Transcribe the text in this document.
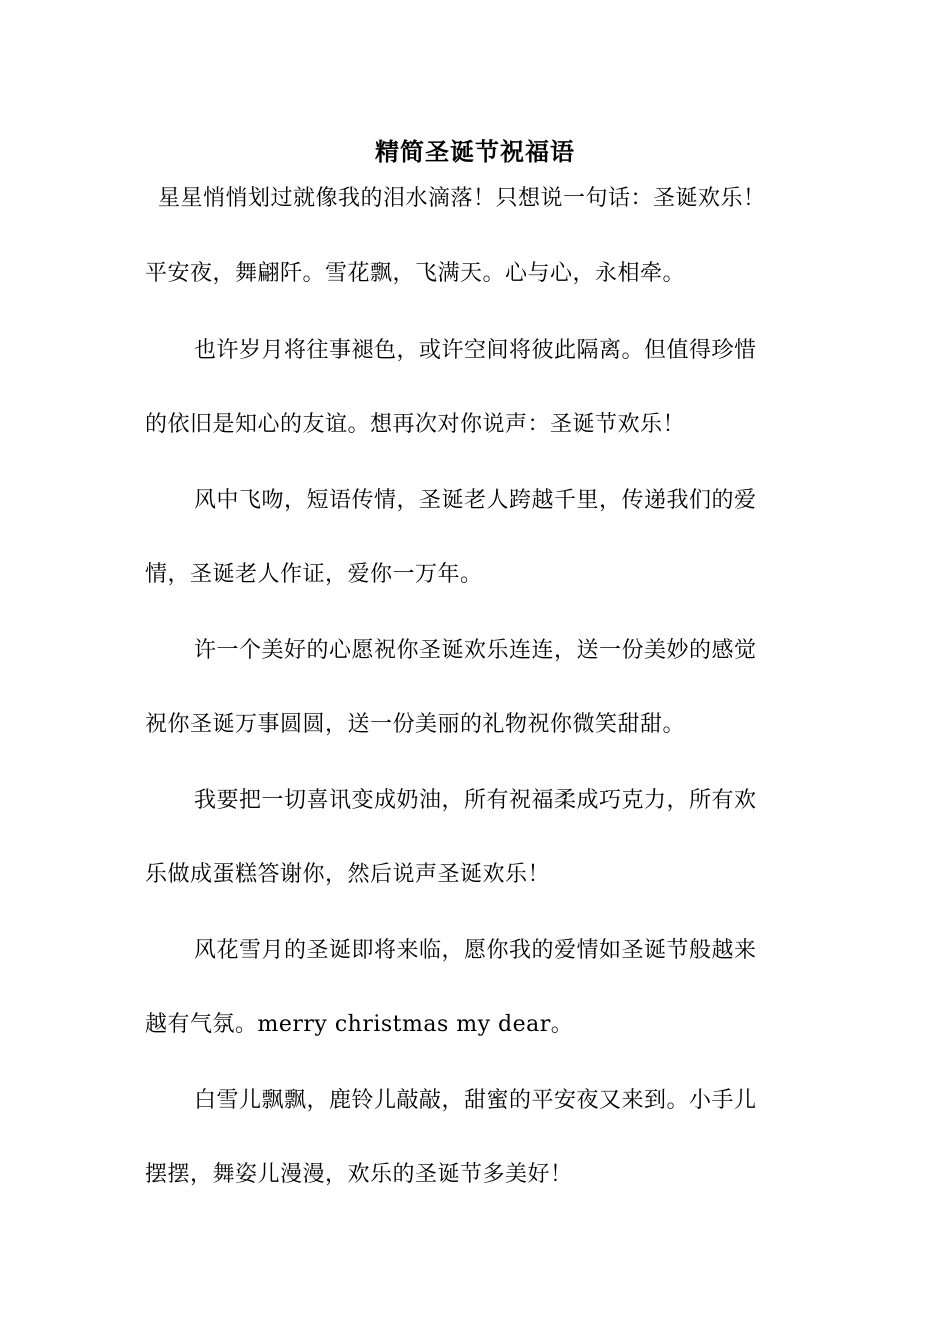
精简圣诞节祝福语
星星悄悄划过就像我的泪水滴落！只想说一句话：圣诞欢乐！
平安夜，舞翩阡。雪花飘，飞满天。心与心，永相牵。
也许岁月将往事褪色，或许空间将彼此隔离。但值得珍惜
的依旧是知心的友谊。想再次对你说声：圣诞节欢乐！
风中飞吻，短语传情，圣诞老人跨越千里，传递我们的爱
情，圣诞老人作证，爱你一万年。
许一个美好的心愿祝你圣诞欢乐连连，送一份美妙的感觉
祝你圣诞万事圆圆，送一份美丽的礼物祝你微笑甜甜。
我要把一切喜讯变成奶油，所有祝福柔成巧克力，所有欢
乐做成蛋糕答谢你，然后说声圣诞欢乐！
风花雪月的圣诞即将来临，愿你我的爱情如圣诞节般越来
越有气氛。merry christmas my dear。
白雪儿飘飘，鹿铃儿敲敲，甜蜜的平安夜又来到。小手儿
摆摆，舞姿儿漫漫，欢乐的圣诞节多美好！
